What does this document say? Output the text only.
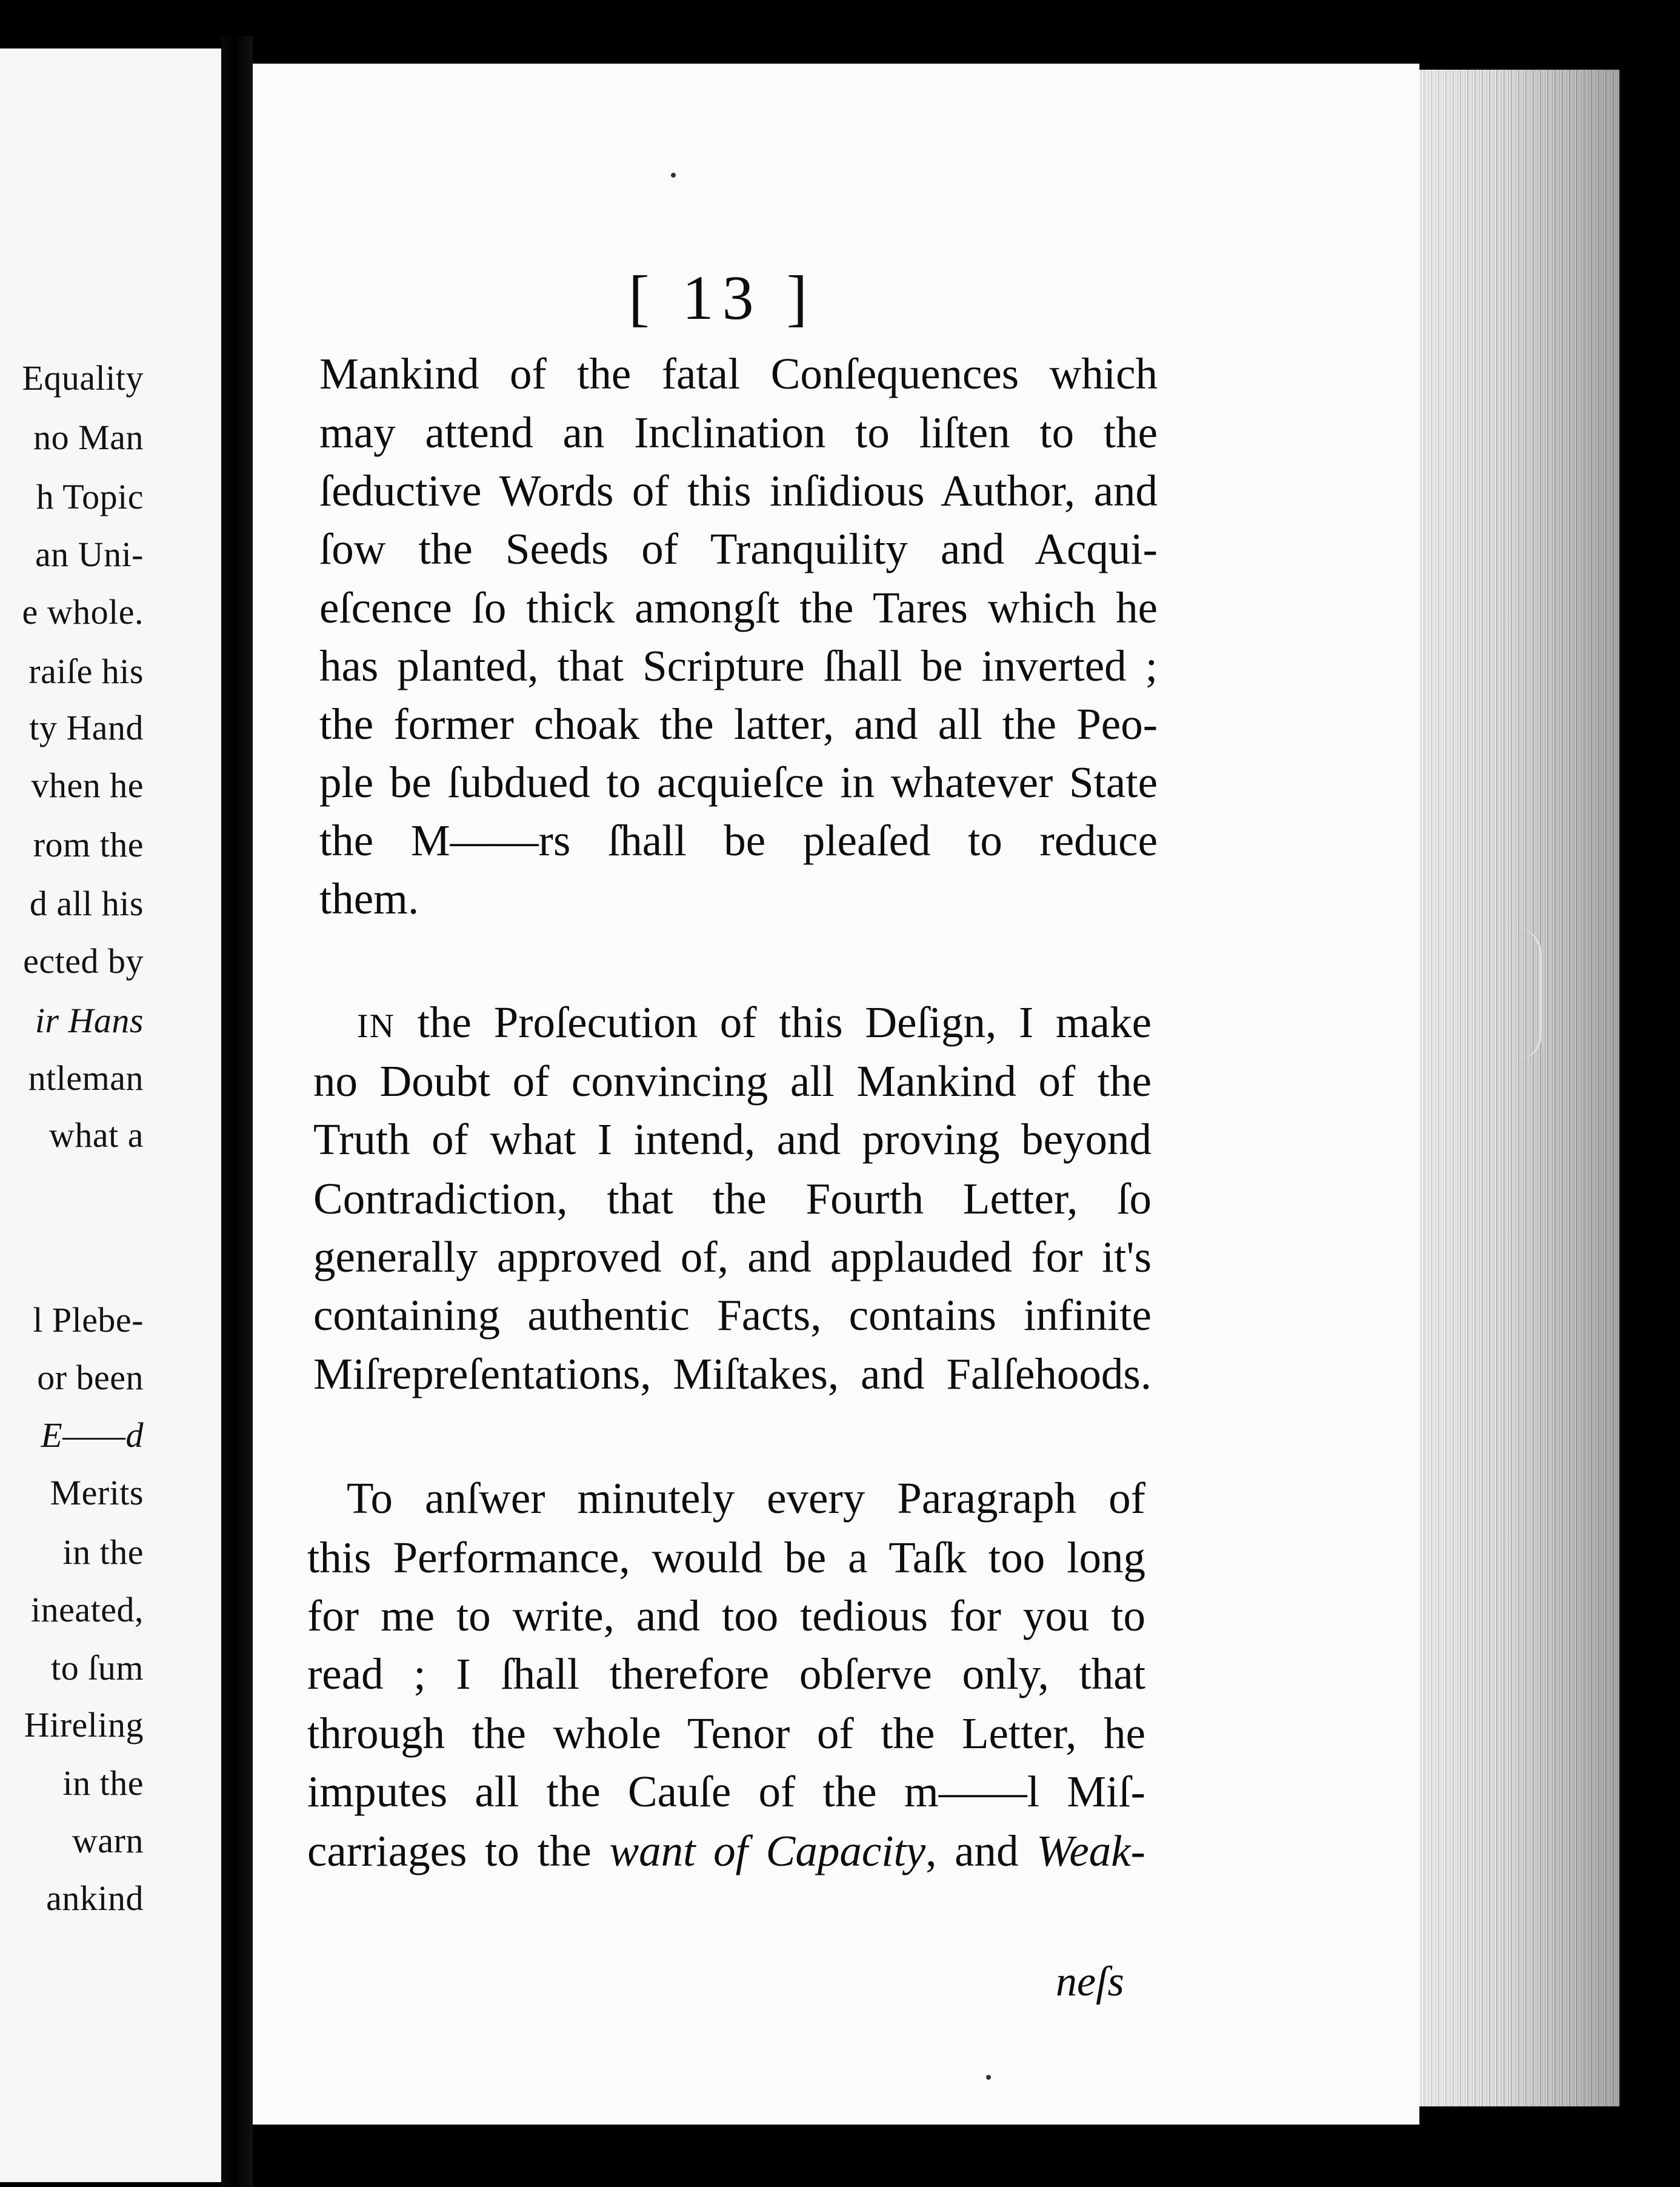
Equality
no Man
h Topic
an Uni-
e whole.
raiſe his
ty Hand
vhen he
rom the
d all his
ected by
ir Hans
ntleman
what a
l Plebe-
or been
E——d
Merits
in the
ineated,
to ſum
Hireling
in the
warn
ankind
[ 13 ]
Mankind of the fatal Conſequences which
may attend an Inclination to liſten to the
ſeductive Words of this inſidious Author, and
ſow the Seeds of Tranquility and Acqui-
eſcence ſo thick amongſt the Tares which he
has planted, that Scripture ſhall be inverted ;
the former choak the latter, and all the Peo-
ple be ſubdued to acquieſce in whatever State
the M——rs ſhall be pleaſed to reduce
them.
IN the Proſecution of this Deſign, I make
no Doubt of convincing all Mankind of the
Truth of what I intend, and proving beyond
Contradiction, that the Fourth Letter, ſo
generally approved of, and applauded for it's
containing authentic Facts, contains infinite
Miſrepreſentations, Miſtakes, and Falſehoods.
To anſwer minutely every Paragraph of
this Performance, would be a Taſk too long
for me to write, and too tedious for you to
read ; I ſhall therefore obſerve only, that
through the whole Tenor of the Letter, he
imputes all the Cauſe of the m——l Miſ-
carriages to the want of Capacity, and Weak-
neſs
